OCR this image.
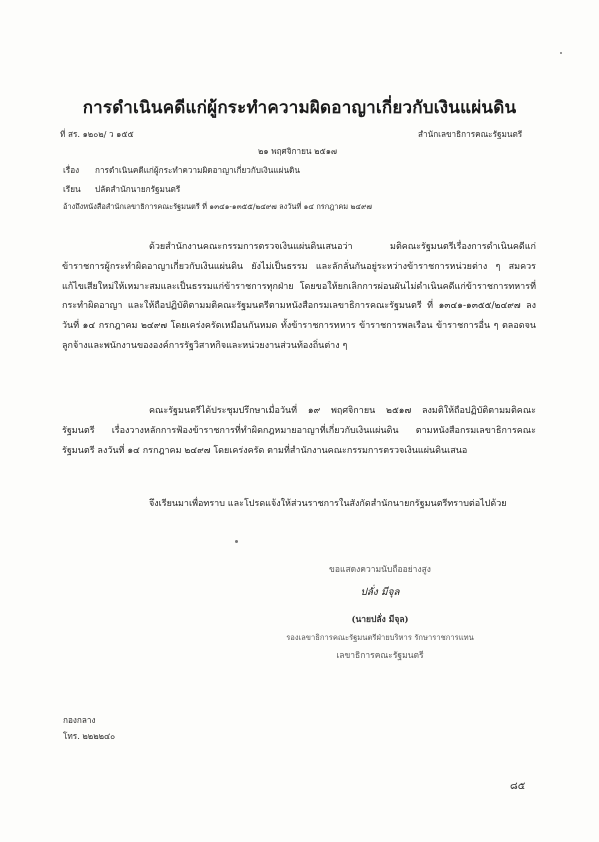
การดำเนินคดีแก่ผู้กระทำความผิดอาญาเกี่ยวกับเงินแผ่นดิน
ที่ สร. ๑๒๐๒/ ว ๑๕๕	สำนักเลขาธิการคณะรัฐมนตรี
๒๑ พฤศจิกายน ๒๕๑๗
เรื่อง การดำเนินคดีแก่ผู้กระทำความผิดอาญาเกี่ยวกับเงินแผ่นดิน
เรียน ปลัดสำนักนายกรัฐมนตรี
อ้างถึงหนังสือสำนักเลขาธิการคณะรัฐมนตรี ที่ ๑๓๔๑-๑๓๕๕/๒๔๙๗ ลงวันที่ ๑๔ กรกฎาคม ๒๔๙๗

ด้วยสำนักงานคณะกรรมการตรวจเงินแผ่นดินเสนอว่า มติคณะรัฐมนตรีเรื่องการดำเนินคดีแก่ข้าราชการผู้กระทำผิดอาญาเกี่ยวกับเงินแผ่นดิน ยังไม่เป็นธรรม และลักลั่นกันอยู่ระหว่างข้าราชการหน่วยต่าง ๆ สมควรแก้ไขเสียใหม่ให้เหมาะสมและเป็นธรรมแก่ข้าราชการทุกฝ่าย โดยขอให้ยกเลิกการผ่อนผันไม่ดำเนินคดีแก่ข้าราชการทหารที่กระทำผิดอาญา และให้ถือปฏิบัติตามมติคณะรัฐมนตรีตามหนังสือกรมเลขาธิการคณะรัฐมนตรี ที่ ๑๓๔๑-๑๓๕๕/๒๔๙๗ ลงวันที่ ๑๔ กรกฎาคม ๒๔๙๗ โดยเคร่งครัดเหมือนกันหมด ทั้งข้าราชการทหาร ข้าราชการพลเรือน ข้าราชการอื่น ๆ ตลอดจนลูกจ้างและพนักงานขององค์การรัฐวิสาหกิจและหน่วยงานส่วนท้องถิ่นต่าง ๆ

คณะรัฐมนตรีได้ประชุมปรึกษาเมื่อวันที่ ๑๙ พฤศจิกายน ๒๕๑๗ ลงมติให้ถือปฏิบัติตามมติคณะรัฐมนตรี เรื่องวางหลักการฟ้องข้าราชการที่ทำผิดกฎหมายอาญาที่เกี่ยวกับเงินแผ่นดิน ตามหนังสือกรมเลขาธิการคณะรัฐมนตรี ลงวันที่ ๑๔ กรกฎาคม ๒๔๙๗ โดยเคร่งครัด ตามที่สำนักงานคณะกรรมการตรวจเงินแผ่นดินเสนอ

จึงเรียนมาเพื่อทราบ และโปรดแจ้งให้ส่วนราชการในสังกัดสำนักนายกรัฐมนตรีทราบต่อไปด้วย

ขอแสดงความนับถืออย่างสูง
ปลั่ง มีจุล
(นายปลั่ง มีจุล)
รองเลขาธิการคณะรัฐมนตรีฝ่ายบริหาร รักษาราชการแทน
เลขาธิการคณะรัฐมนตรี
กองกลาง
โทร. ๒๒๒๒๔๐
๘๕
